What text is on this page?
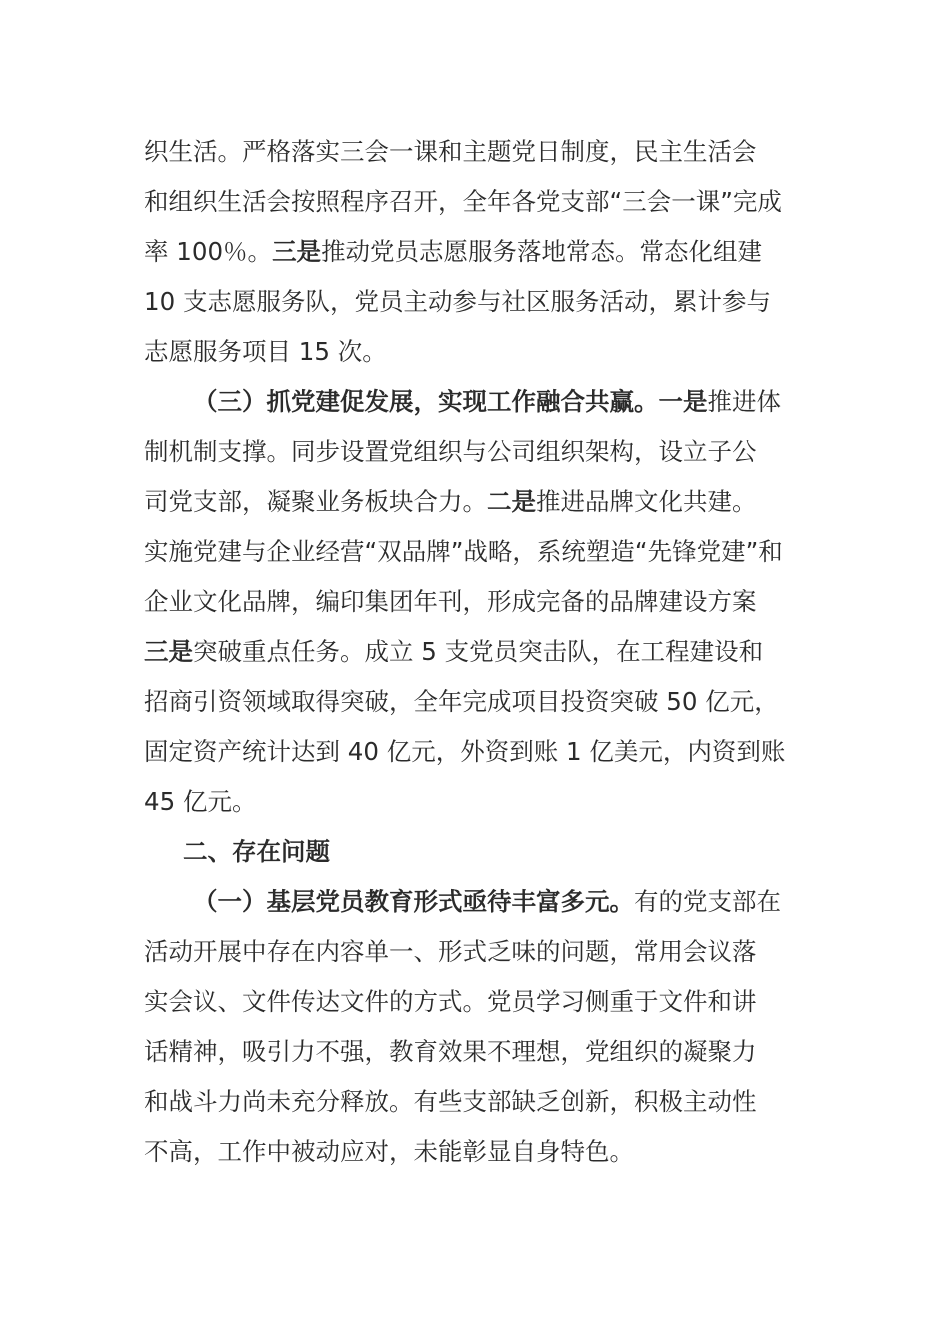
织生活。严格落实三会一课和主题党日制度，民主生活会
和组织生活会按照程序召开，全年各党支部“三会一课”完成
率 100％。三是推动党员志愿服务落地常态。常态化组建
10 支志愿服务队，党员主动参与社区服务活动，累计参与
志愿服务项目 15 次。
（三）抓党建促发展，实现工作融合共赢。一是推进体
制机制支撑。同步设置党组织与公司组织架构，设立子公
司党支部，凝聚业务板块合力。二是推进品牌文化共建。
实施党建与企业经营“双品牌”战略，系统塑造“先锋党建”和
企业文化品牌，编印集团年刊，形成完备的品牌建设方案
三是突破重点任务。成立 5 支党员突击队，在工程建设和
招商引资领域取得突破，全年完成项目投资突破 50 亿元，
固定资产统计达到 40 亿元，外资到账 1 亿美元，内资到账
45 亿元。
二、存在问题
（一）基层党员教育形式亟待丰富多元。有的党支部在
活动开展中存在内容单一、形式乏味的问题，常用会议落
实会议、文件传达文件的方式。党员学习侧重于文件和讲
话精神，吸引力不强，教育效果不理想，党组织的凝聚力
和战斗力尚未充分释放。有些支部缺乏创新，积极主动性
不高，工作中被动应对，未能彰显自身特色。
